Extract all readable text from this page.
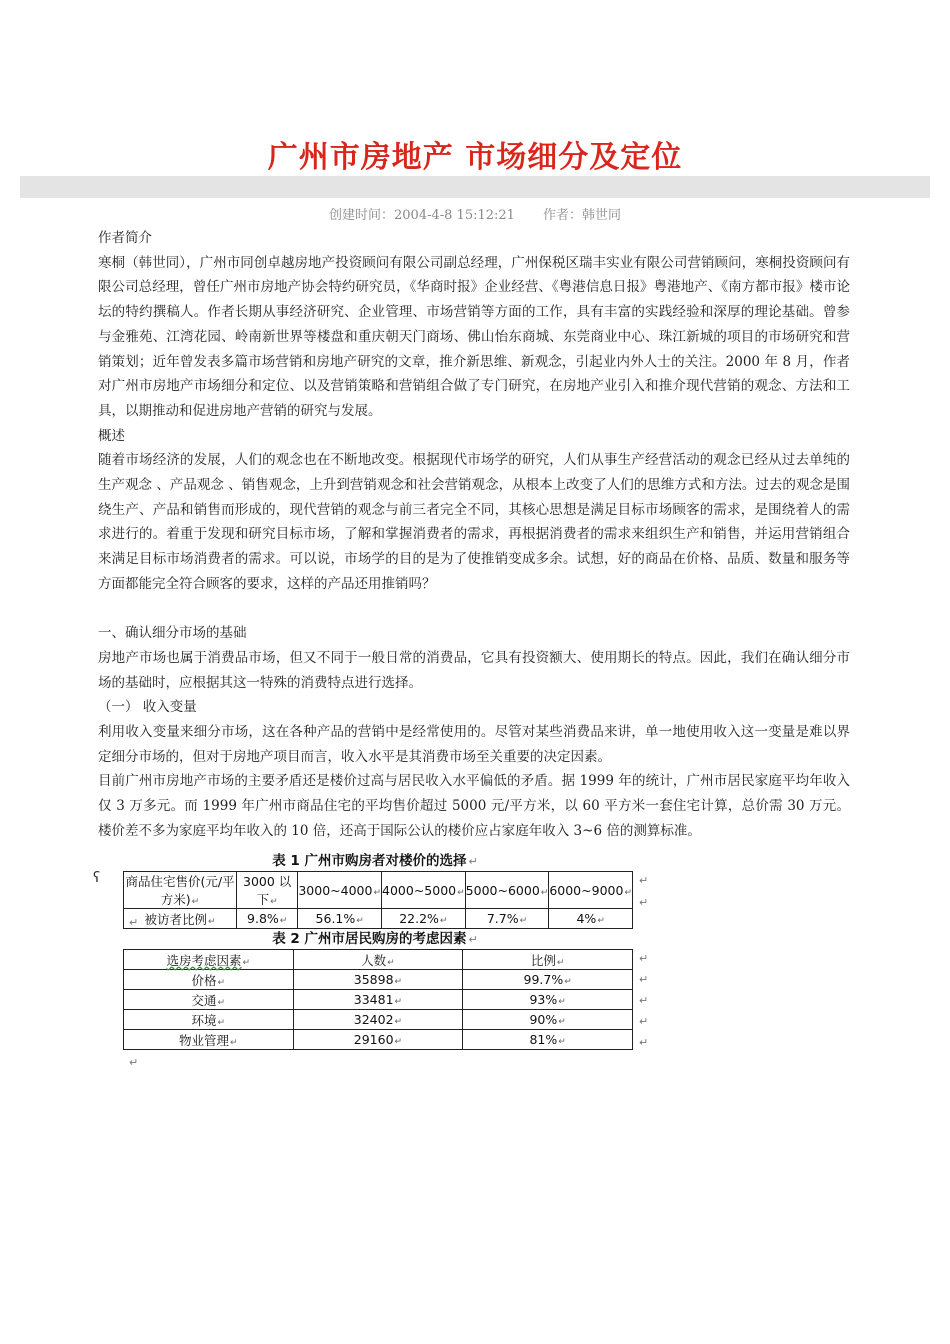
广州市房地产 市场细分及定位
创建时间：2004-4-8 15:12:21 作者：韩世同

作者简介

寒桐（韩世同），广州市同创卓越房地产投资顾问有限公司副总经理，广州保税区瑞丰实业有限公司营销顾问，寒桐投资顾问有限公司总经理，曾任广州市房地产协会特约研究员，《华商时报》企业经营、《粤港信息日报》粤港地产、《南方都市报》楼市论坛的特约撰稿人。作者长期从事经济研究、企业管理、市场营销等方面的工作，具有丰富的实践经验和深厚的理论基础。曾参与金雅苑、江湾花园、岭南新世界等楼盘和重庆朝天门商场、佛山怡东商城、东莞商业中心、珠江新城的项目的市场研究和营销策划；近年曾发表多篇市场营销和房地产研究的文章，推介新思维、新观念，引起业内外人士的关注。2000 年 8 月，作者对广州市房地产市场细分和定位、以及营销策略和营销组合做了专门研究，在房地产业引入和推介现代营销的观念、方法和工具，以期推动和促进房地产营销的研究与发展。

概述

随着市场经济的发展，人们的观念也在不断地改变。根据现代市场学的研究，人们从事生产经营活动的观念已经从过去单纯的生产观念 、产品观念 、销售观念，上升到营销观念和社会营销观念，从根本上改变了人们的思维方式和方法。过去的观念是围绕生产、产品和销售而形成的，现代营销的观念与前三者完全不同，其核心思想是满足目标市场顾客的需求，是围绕着人的需求进行的。着重于发现和研究目标市场，了解和掌握消费者的需求，再根据消费者的需求来组织生产和销售，并运用营销组合来满足目标市场消费者的需求。可以说，市场学的目的是为了使推销变成多余。试想，好的商品在价格、品质、数量和服务等方面都能完全符合顾客的要求，这样的产品还用推销吗？

一、确认细分市场的基础

房地产市场也属于消费品市场，但又不同于一般日常的消费品，它具有投资额大、使用期长的特点。因此，我们在确认细分市场的基础时，应根据其这一特殊的消费特点进行选择。

（一） 收入变量

利用收入变量来细分市场，这在各种产品的营销中是经常使用的。尽管对某些消费品来讲，单一地使用收入这一变量是难以界定细分市场的，但对于房地产项目而言，收入水平是其消费市场至关重要的决定因素。

目前广州市房地产市场的主要矛盾还是楼价过高与居民收入水平偏低的矛盾。据 1999 年的统计，广州市居民家庭平均年收入仅 3 万多元。而 1999 年广州市商品住宅的平均售价超过 5000 元/平方米，以 60 平方米一套住宅计算，总价需 30 万元。楼价差不多为家庭平均年收入的 10 倍，还高于国际公认的楼价应占家庭年收入 3~6 倍的测算标准。

表 1 广州市购房者对楼价的选择 ↵
ʕ 商品住宅售价(元/平方米)↵	3000 以下↵	3000~4000↵	4000~5000↵	5000~6000↵	6000~9000↵
被访者比例↵	9.8%↵	56.1%↵	22.2%↵	7.7%↵	4%↵
↵
↵
↵
表 2 广州市居民购房的考虑因素 ↵
选房考虑因素↵	人数↵	比例↵
价格↵	35898↵	99.7%↵
交通↵	33481↵	93%↵
环境↵	32402↵	90%↵
物业管理↵	29160↵	81%↵
↵
↵
↵
↵
↵
↵
